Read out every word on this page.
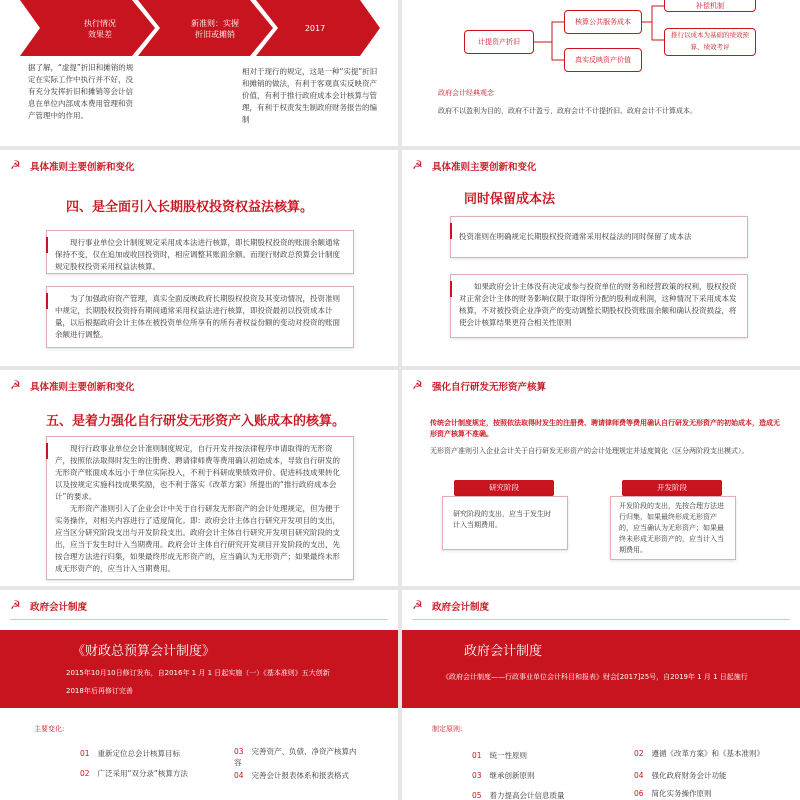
执行情况
效果差
新准则：实握
折旧或摊销
2017
据了解，“虚提”折旧和摊销的规定在实际工作中执行并不好，没有充分发挥折旧和摊销等会计信息在单位内部成本费用管理和资产管理中的作用。
相对于现行的规定，这是一种“实提”折旧和摊销的做法，有利于客观真实反映资产价值，有利于推行政府成本会计核算与管理，有利于权责发生制政府财务报告的编制
计提资产折旧
核算公共服务成本
真实反映资产价值
补偿机制
推行以成本为基础的绩效预算、绩效考评
政府会计经典观念
政府不以盈利为目的，政府不计盈亏，政府会计不计提折旧、政府会计不计算成本。
☭ 具体准则主要创新和变化
四、是全面引入长期股权投资权益法核算。

现行事业单位会计制度规定采用成本法进行核算，即长期股权投资的账面余额通常保持不变，仅在追加或收回投资时，相应调整其账面余额。而现行财政总预算会计制度规定股权投资采用权益法核算。

为了加强政府资产管理，真实全面反映政府长期股权投资及其变动情况，投资准则中规定，长期股权投资持有期间通常采用权益法进行核算，即投资最初以投资成本计量，以后根据政府会计主体在被投资单位所享有的所有者权益份额的变动对投资的账面余额进行调整。

☭ 具体准则主要创新和变化
同时保留成本法

投资准则在明确规定长期股权投资通常采用权益法的同时保留了成本法

如果政府会计主体没有决定或参与投资单位的财务和经营政策的权利，股权投资对正常会计主体的财务影响仅限于取得所分配的股利或利润，这种情况下采用成本发核算，不对被投资企业净资产的变动调整长期股权投资账面余额和确认投资损益，将使会计核算结果更符合相关性原则

☭ 具体准则主要创新和变化
五、是着力强化自行研发无形资产入账成本的核算。

现行行政事业单位会计准则制度规定，自行开发并按法律程序申请取得的无形资产，按照依法取得时发生的注册费、聘请律师费等费用确认初始成本，导致自行研发的无形资产账面成本远小于单位实际投入，不利于科研成果绩效评价、促进科技成果转化以及按规定实施科技成果奖励，也不利于落实《改革方案》所提出的“推行政府成本会计”的要求。

无形资产准则引入了企业会计中关于自行研发无形资产的会计处理规定，但为便于实务操作，对相关内容进行了适度简化。即：政府会计主体自行研究开发项目的支出，应当区分研究阶段支出与开发阶段支出。政府会计主体自行研究开发项目研究阶段的支出，应当于发生时计入当期费用。政府会计主体自行研究开发项目开发阶段的支出，先按合理方法进行归集，如果最终形成无形资产的，应当确认为无形资产；如果最终未形成无形资产的，应当计入当期费用。

☭ 强化自行研发无形资产核算
传统会计制度规定，按照依法取得时发生的注册费、聘请律师费等费用确认自行研发无形资产的初始成本，造成无形资产核算不准确。
无形资产准则引入企业会计关于自行研发无形资产的会计处理规定并适度简化（区分两阶段支出模式）。
研究阶段	开发阶段
研究阶段的支出，应当于发生时计入当期费用。
开发阶段的支出，先按合理方法进行归集，如果最终形成无形资产的，应当确认为无形资产；如果最终未形成无形资产的，应当计入当期费用。
☭ 政府会计制度
《财政总预算会计制度》
2015年10月10日修订发布，自2016年 1 月 1 日起实施（一）《基本准则》五大创新
2018年后再修订完善
主要变化:
01 重新定位总会计核算目标
02 广泛采用“双分录”核算方法
03 完善资产、负债、净资产核算内容
04 完善会计报表体系和报表格式
☭ 政府会计制度
政府会计制度
《政府会计制度——行政事业单位会计科目和报表》财会[2017]25号，自2019年 1 月 1 日起施行
制定原则:
01 统一性原则
03 继承创新原则
05 着力提高会计信息质量
02 遵循《改革方案》和《基本准则》
04 强化政府财务会计功能
06 简化实务操作原则
